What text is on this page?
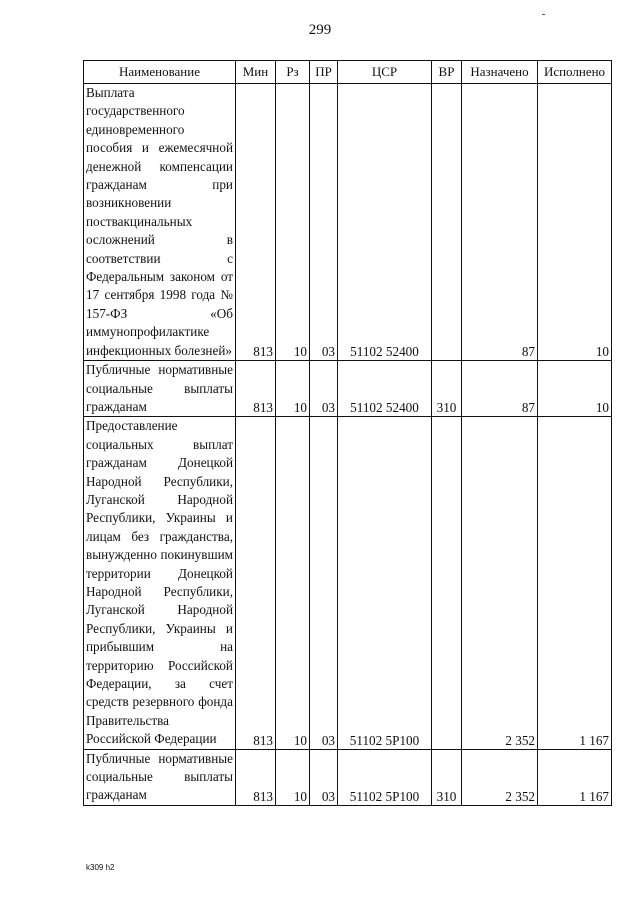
299
Наименование	Мин	Рз	ПР	ЦСР	ВР	Назначено	Исполнено
Выплата государственного единовременного пособия и ежемесячной денежной компенсации гражданам при возникновении поствакцинальных осложнений в соответствии с Федеральным законом от 17 сентября 1998 года № 157-ФЗ «Об иммунопрофилактике инфекционных болезней»	813	10	03	51102 52400		87	10
Публичные нормативные социальные выплаты гражданам	813	10	03	51102 52400	310	87	10
Предоставление социальных выплат гражданам Донецкой Народной Республики, Луганской Народной Республики, Украины и лицам без гражданства, вынужденно покинувшим территории Донецкой Народной Республики, Луганской Народной Республики, Украины и прибывшим на территорию Российской Федерации, за счет средств резервного фонда Правительства Российской Федерации	813	10	03	51102 5Р100		2 352	1 167
Публичные нормативные социальные выплаты гражданам	813	10	03	51102 5Р100	310	2 352	1 167
k309 h2
